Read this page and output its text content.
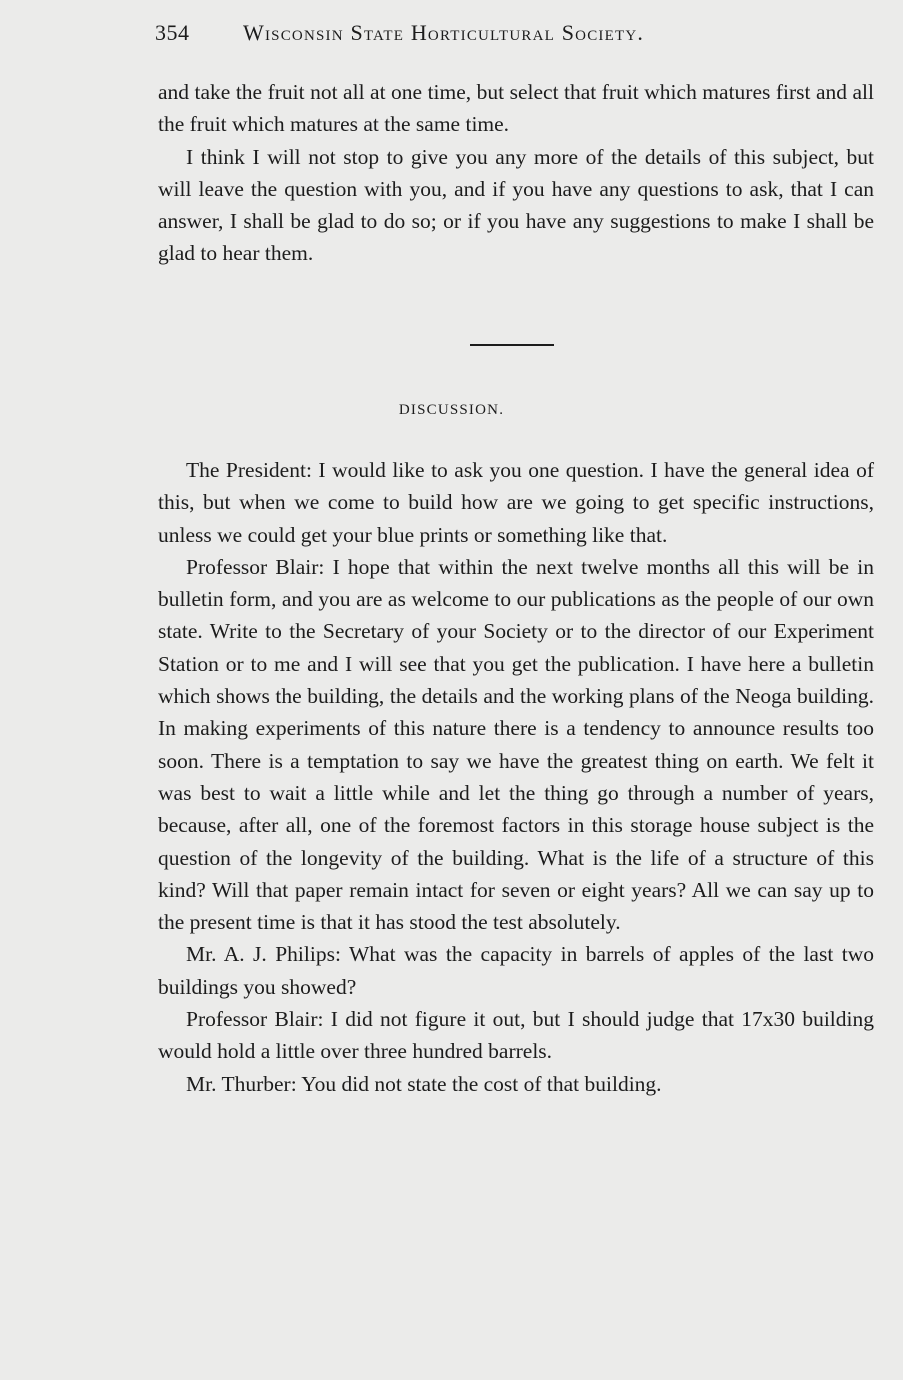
354 Wisconsin State Horticultural Society.

and take the fruit not all at one time, but select that fruit which matures first and all the fruit which matures at the same time.

I think I will not stop to give you any more of the details of this subject, but will leave the question with you, and if you have any questions to ask, that I can answer, I shall be glad to do so; or if you have any suggestions to make I shall be glad to hear them.

DISCUSSION.

The President: I would like to ask you one question. I have the general idea of this, but when we come to build how are we going to get specific instructions, unless we could get your blue prints or something like that.

Professor Blair: I hope that within the next twelve months all this will be in bulletin form, and you are as welcome to our publications as the people of our own state. Write to the Secretary of your Society or to the director of our Experiment Station or to me and I will see that you get the publication. I have here a bulletin which shows the building, the details and the working plans of the Neoga building. In making experiments of this nature there is a tendency to announce results too soon. There is a temptation to say we have the greatest thing on earth. We felt it was best to wait a little while and let the thing go through a number of years, because, after all, one of the foremost factors in this storage house subject is the question of the longevity of the building. What is the life of a structure of this kind? Will that paper remain intact for seven or eight years? All we can say up to the present time is that it has stood the test absolutely.

Mr. A. J. Philips: What was the capacity in barrels of apples of the last two buildings you showed?

Professor Blair: I did not figure it out, but I should judge that 17x30 building would hold a little over three hundred barrels.

Mr. Thurber: You did not state the cost of that building.
